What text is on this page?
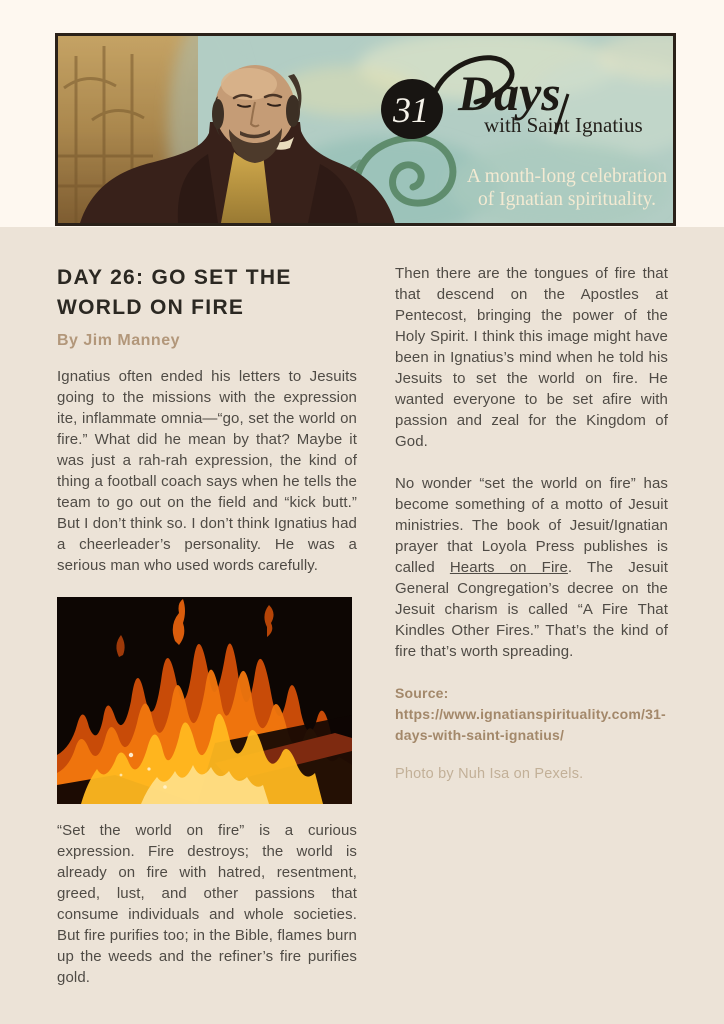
31 Days
with Saint Ignatius
A month-long celebration
of Ignatian spirituality.
DAY 26: GO SET THE WORLD ON FIRE
By Jim Manney

Ignatius often ended his letters to Jesuits going to the missions with the expression ite, inflammate omnia—“go, set the world on fire.” What did he mean by that? Maybe it was just a rah-rah expression, the kind of thing a football coach says when he tells the team to go out on the field and “kick butt.” But I don’t think so. I don’t think Ignatius had a cheerleader’s personality. He was a serious man who used words carefully.

“Set the world on fire” is a curious expression. Fire destroys; the world is already on fire with hatred, resentment, greed, lust, and other passions that consume individuals and whole societies. But fire purifies too; in the Bible, flames burn up the weeds and the refiner’s fire purifies gold.

Then there are the tongues of fire that that descend on the Apostles at Pentecost, bringing the power of the Holy Spirit. I think this image might have been in Ignatius’s mind when he told his Jesuits to set the world on fire. He wanted everyone to be set afire with passion and zeal for the Kingdom of God.

No wonder “set the world on fire” has become something of a motto of Jesuit ministries. The book of Jesuit/Ignatian prayer that Loyola Press publishes is called Hearts on Fire. The Jesuit General Congregation’s decree on the Jesuit charism is called “A Fire That Kindles Other Fires.” That’s the kind of fire that’s worth spreading.

Source:
https://www.ignatianspirituality.com/31-days-with-saint-ignatius/
Photo by Nuh Isa on Pexels.
